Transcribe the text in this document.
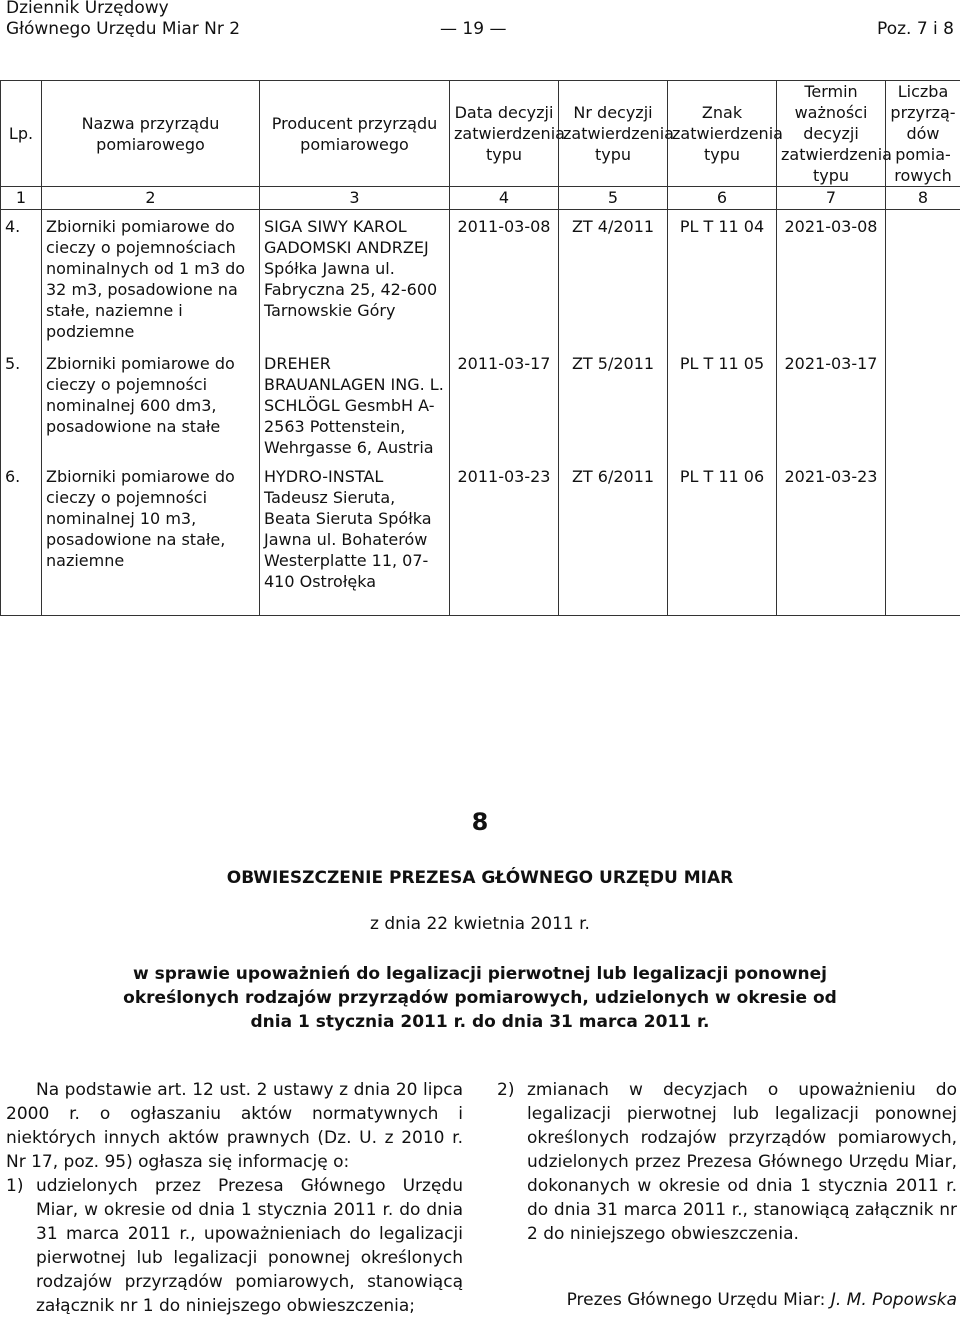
Dziennik Urzędowy
Głównego Urzędu Miar Nr 2	— 19 —	Poz. 7 i 8
Lp.	Nazwa przyrządu pomiarowego	Producent przyrządu pomiarowego	Data decyzji zatwierdzenia typu	Nr decyzji zatwierdzenia typu	Znak zatwierdzenia typu	Termin ważności decyzji zatwierdzenia typu	Liczba przyrzą-dów pomia-rowych
1	2	3	4	5	6	7	8
4.	Zbiorniki pomiarowe do cieczy o pojemnościach nominalnych od 1 m3 do 32 m3, posadowione na stałe, naziemne i podziemne	SIGA SIWY KAROL GADOMSKI ANDRZEJ Spółka Jawna ul. Fabryczna 25, 42-600 Tarnowskie Góry	2011-03-08	ZT 4/2011	PL T 11 04	2021-03-08	
5.	Zbiorniki pomiarowe do cieczy o pojemności nominalnej 600 dm3, posadowione na stałe	DREHER BRAUANLAGEN ING. L. SCHLÖGL GesmbH A-2563 Pottenstein, Wehrgasse 6, Austria	2011-03-17	ZT 5/2011	PL T 11 05	2021-03-17	
6.	Zbiorniki pomiarowe do cieczy o pojemności nominalnej 10 m3, posadowione na stałe, naziemne	HYDRO-INSTAL Tadeusz Sieruta, Beata Sieruta Spółka Jawna ul. Bohaterów Westerplatte 11, 07-410 Ostrołęka	2011-03-23	ZT 6/2011	PL T 11 06	2021-03-23	
8
OBWIESZCZENIE PREZESA GŁÓWNEGO URZĘDU MIAR
z dnia 22 kwietnia 2011 r.
w sprawie upoważnień do legalizacji pierwotnej lub legalizacji ponownej określonych rodzajów przyrządów pomiarowych, udzielonych w okresie od dnia 1 stycznia 2011 r. do dnia 31 marca 2011 r.
Na podstawie art. 12 ust. 2 ustawy z dnia 20 lipca 2000 r. o ogłaszaniu aktów normatywnych i niektórych innych aktów prawnych (Dz. U. z 2010 r. Nr 17, poz. 95) ogłasza się informację o:
1) udzielonych przez Prezesa Głównego Urzędu Miar, w okresie od dnia 1 stycznia 2011 r. do dnia 31 marca 2011 r., upoważnieniach do legalizacji pierwotnej lub legalizacji ponownej określonych rodzajów przyrządów pomiarowych, stanowiącą załącznik nr 1 do niniejszego obwieszczenia;
2) zmianach w decyzjach o upoważnieniu do legalizacji pierwotnej lub legalizacji ponownej określonych rodzajów przyrządów pomiarowych, udzielonych przez Prezesa Głównego Urzędu Miar, dokonanych w okresie od dnia 1 stycznia 2011 r. do dnia 31 marca 2011 r., stanowiącą załącznik nr 2 do niniejszego obwieszczenia.
Prezes Głównego Urzędu Miar: J. M. Popowska
